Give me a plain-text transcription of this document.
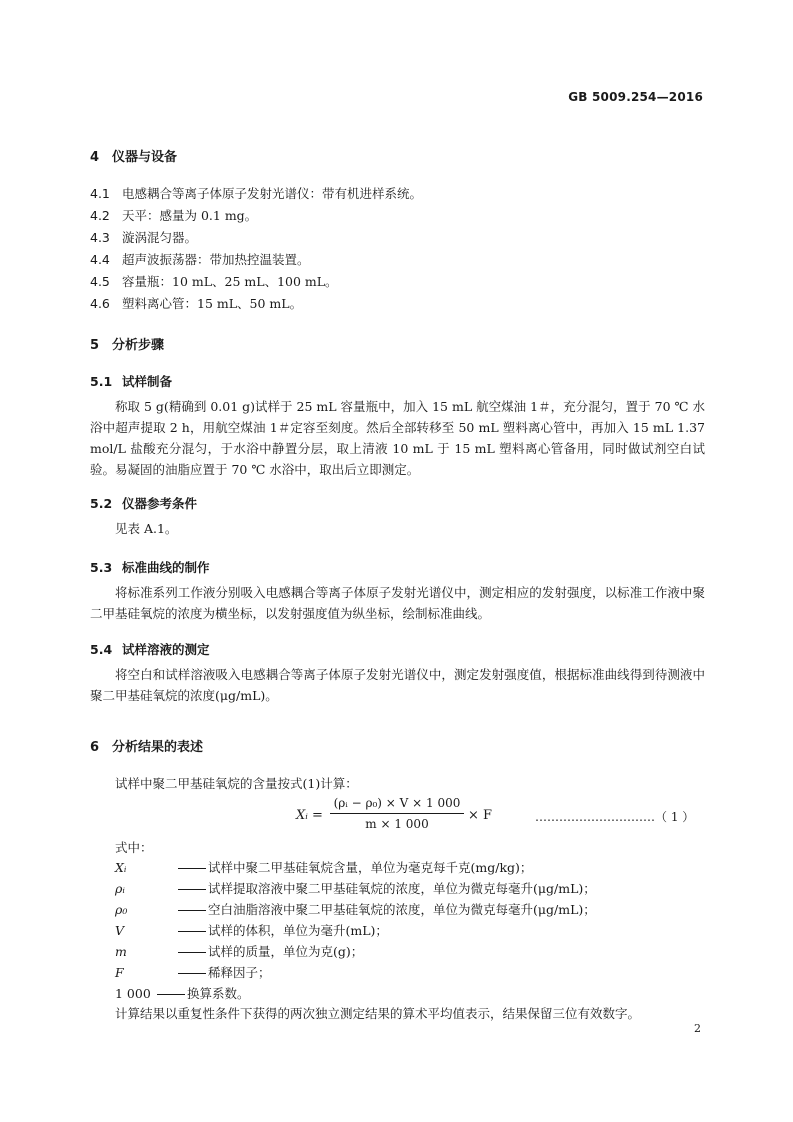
GB 5009.254—2016
4 仪器与设备
4.1 电感耦合等离子体原子发射光谱仪：带有机进样系统。
4.2 天平：感量为 0.1 mg。
4.3 漩涡混匀器。
4.4 超声波振荡器：带加热控温装置。
4.5 容量瓶：10 mL、25 mL、100 mL。
4.6 塑料离心管：15 mL、50 mL。
5 分析步骤
5.1 试样制备
称取 5 g(精确到 0.01 g)试样于 25 mL 容量瓶中，加入 15 mL 航空煤油 1＃，充分混匀，置于 70 ℃ 水浴中超声提取 2 h，用航空煤油 1＃定容至刻度。然后全部转移至 50 mL 塑料离心管中，再加入 15 mL 1.37 mol/L 盐酸充分混匀，于水浴中静置分层，取上清液 10 mL 于 15 mL 塑料离心管备用，同时做试剂空白试验。易凝固的油脂应置于 70 ℃ 水浴中，取出后立即测定。
5.2 仪器参考条件
见表 A.1。
5.3 标准曲线的制作
将标准系列工作液分别吸入电感耦合等离子体原子发射光谱仪中，测定相应的发射强度，以标准工作液中聚二甲基硅氧烷的浓度为横坐标，以发射强度值为纵坐标，绘制标准曲线。
5.4 试样溶液的测定
将空白和试样溶液吸入电感耦合等离子体原子发射光谱仪中，测定发射强度值，根据标准曲线得到待测液中聚二甲基硅氧烷的浓度(μg/mL)。
6 分析结果的表述
试样中聚二甲基硅氧烷的含量按式(1)计算：
Xᵢ =
(ρᵢ − ρ₀) × V × 1 000
m × 1 000
× F	…………………………（ 1 ）
式中：
Xᵢ	试样中聚二甲基硅氧烷含量，单位为毫克每千克(mg/kg)；
ρᵢ	试样提取溶液中聚二甲基硅氧烷的浓度，单位为微克每毫升(μg/mL)；
ρ₀	空白油脂溶液中聚二甲基硅氧烷的浓度，单位为微克每毫升(μg/mL)；
V	试样的体积，单位为毫升(mL)；
m	试样的质量，单位为克(g)；
F	稀释因子；
1 000	换算系数。
计算结果以重复性条件下获得的两次独立测定结果的算术平均值表示，结果保留三位有效数字。
2
